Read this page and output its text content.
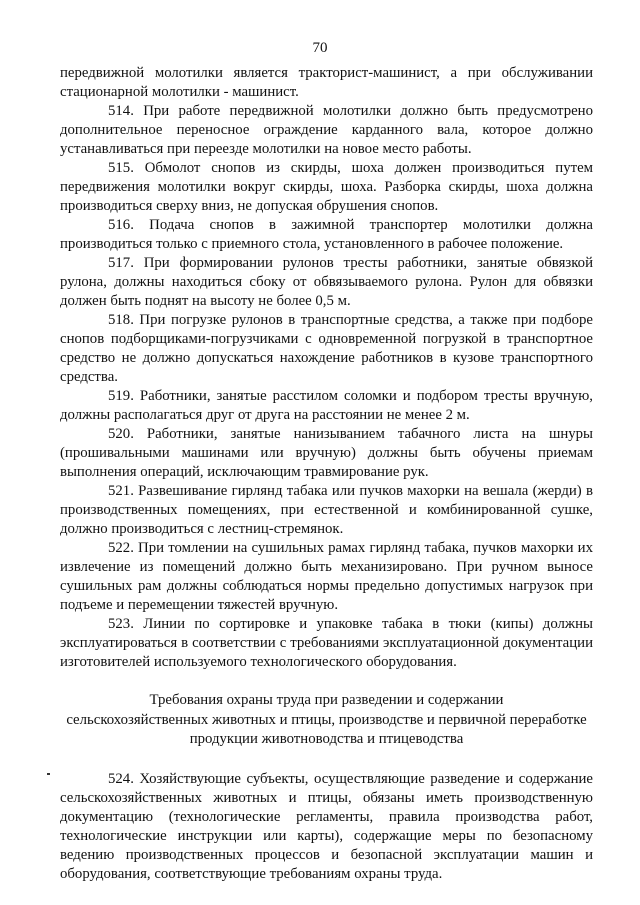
70

передвижной молотилки является тракторист-машинист, а при обслуживании стационарной молотилки - машинист.

514. При работе передвижной молотилки должно быть предусмотрено дополнительное переносное ограждение карданного вала, которое должно устанавливаться при переезде молотилки на новое место работы.

515. Обмолот снопов из скирды, шоха должен производиться путем передвижения молотилки вокруг скирды, шоха. Разборка скирды, шоха должна производиться сверху вниз, не допуская обрушения снопов.

516. Подача снопов в зажимной транспортер молотилки должна производиться только с приемного стола, установленного в рабочее положение.

517. При формировании рулонов тресты работники, занятые обвязкой рулона, должны находиться сбоку от обвязываемого рулона. Рулон для обвязки должен быть поднят на высоту не более 0,5 м.

518. При погрузке рулонов в транспортные средства, а также при подборе снопов подборщиками-погрузчиками с одновременной погрузкой в транспортное средство не должно допускаться нахождение работников в кузове транспортного средства.

519. Работники, занятые расстилом соломки и подбором тресты вручную, должны располагаться друг от друга на расстоянии не менее 2 м.

520. Работники, занятые нанизыванием табачного листа на шнуры (прошивальными машинами или вручную) должны быть обучены приемам выполнения операций, исключающим травмирование рук.

521. Развешивание гирлянд табака или пучков махорки на вешала (жерди) в производственных помещениях, при естественной и комбинированной сушке, должно производиться с лестниц-стремянок.

522. При томлении на сушильных рамах гирлянд табака, пучков махорки их извлечение из помещений должно быть механизировано. При ручном выносе сушильных рам должны соблюдаться нормы предельно допустимых нагрузок при подъеме и перемещении тяжестей вручную.

523. Линии по сортировке и упаковке табака в тюки (кипы) должны эксплуатироваться в соответствии с требованиями эксплуатационной документации изготовителей используемого технологического оборудования.

Требования охраны труда при разведении и содержании
сельскохозяйственных животных и птицы, производстве и первичной переработке
продукции животноводства и птицеводства

524. Хозяйствующие субъекты, осуществляющие разведение и содержание сельскохозяйственных животных и птицы, обязаны иметь производственную документацию (технологические регламенты, правила производства работ, технологические инструкции или карты), содержащие меры по безопасному ведению производственных процессов и безопасной эксплуатации машин и оборудования, соответствующие требованиям охраны труда.
